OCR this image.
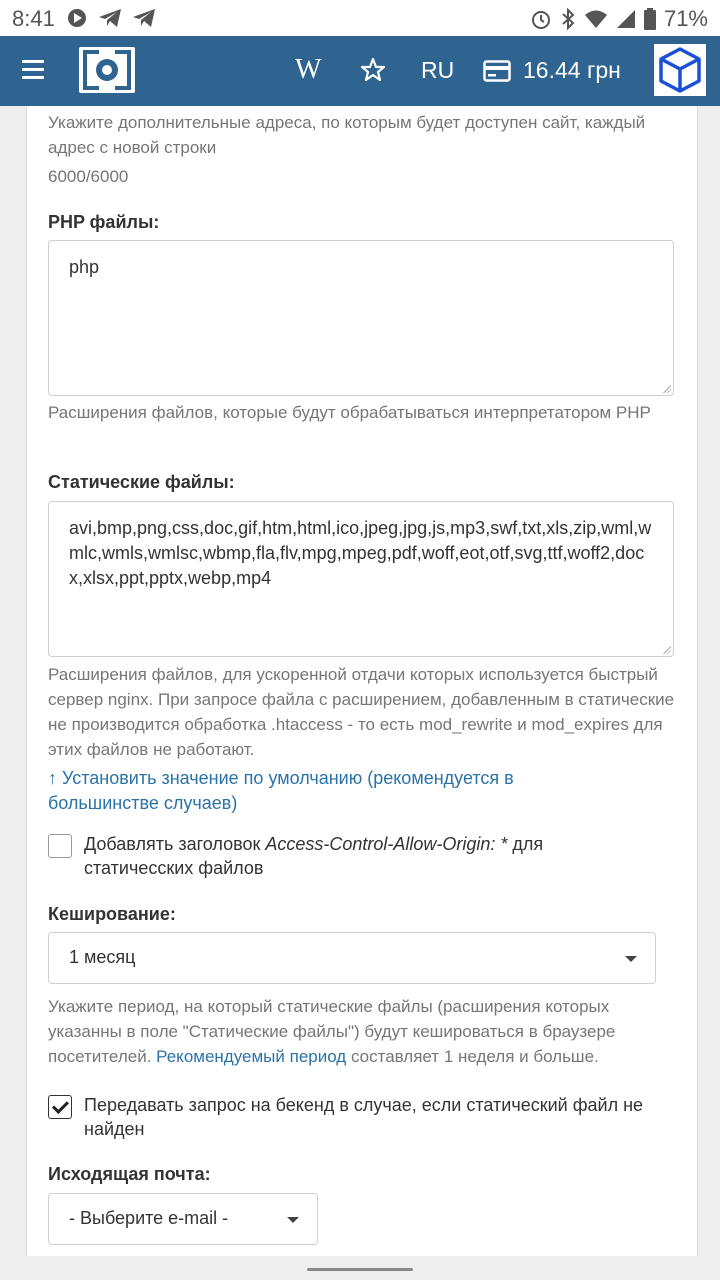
8:41	71%
W	RU	16.44 грн
Укажите дополнительные адреса, по которым будет доступен сайт, каждый адрес с новой строки
6000/6000
PHP файлы:
php
Расширения файлов, которые будут обрабатываться интерпретатором PHP
Статические файлы:
avi,bmp,png,css,doc,gif,htm,html,ico,jpeg,jpg,js,mp3,swf,txt,xls,zip,wml,wmlc,wmls,wmlsc,wbmp,fla,flv,mpg,mpeg,pdf,woff,eot,otf,svg,ttf,woff2,docx,xlsx,ppt,pptx,webp,mp4
Расширения файлов, для ускоренной отдачи которых используется быстрый сервер nginx. При запросе файла с расширением, добавленным в статические не производится обработка .htaccess - то есть mod_rewrite и mod_expires для этих файлов не работают.
↑ Установить значение по умолчанию (рекомендуется в большинстве случаев)
Добавлять заголовок Access-Control-Allow-Origin: * для статичесских файлов
Кеширование:
1 месяц
Укажите период, на который статические файлы (расширения которых указанны в поле "Статические файлы") будут кешироваться в браузере посетителей. Рекомендуемый период составляет 1 неделя и больше.
Передавать запрос на бекенд в случае, если статический файл не найден
Исходящая почта:
- Выберите e-mail -
